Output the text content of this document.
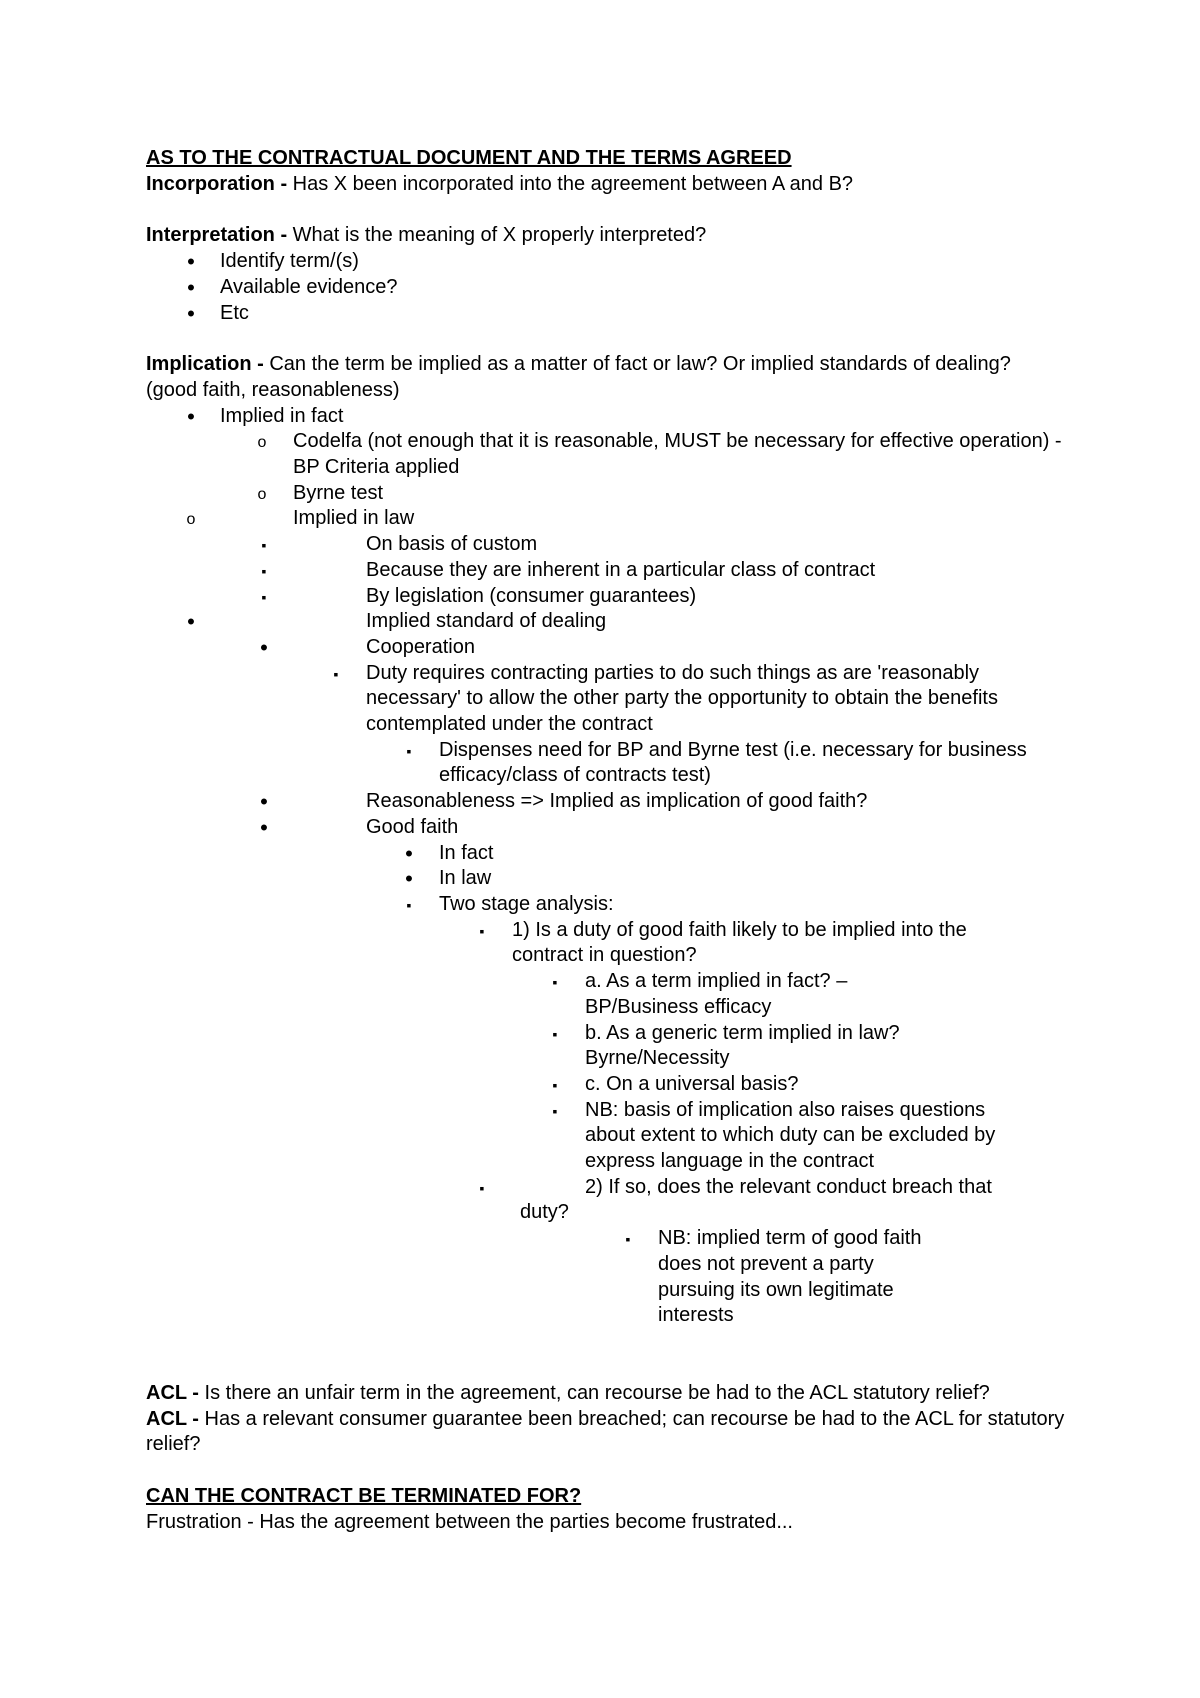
AS TO THE CONTRACTUAL DOCUMENT AND THE TERMS AGREED

Incorporation - Has X been incorporated into the agreement between A and B?

Interpretation - What is the meaning of X properly interpreted?

•
Identify term/(s)
•
Available evidence?
•
Etc

Implication - Can the term be implied as a matter of fact or law? Or implied standards of dealing? (good faith, reasonableness)

•
Implied in fact
o
Codelfa (not enough that it is reasonable, MUST be necessary for effective operation) - BP Criteria applied
o
Byrne test
o
Implied in law
▪
On basis of custom
▪
Because they are inherent in a particular class of contract
▪
By legislation (consumer guarantees)
•
Implied standard of dealing
•
Cooperation
▪
Duty requires contracting parties to do such things as are 'reasonably necessary' to allow the other party the opportunity to obtain the benefits contemplated under the contract
▪
Dispenses need for BP and Byrne test (i.e. necessary for business efficacy/class of contracts test)
•
Reasonableness => Implied as implication of good faith?
•
Good faith
•
In fact
•
In law
▪
Two stage analysis:
▪
1) Is a duty of good faith likely to be implied into the contract in question?
▪
a. As a term implied in fact? – BP/Business efficacy
▪
b. As a generic term implied in law? Byrne/Necessity
▪
c. On a universal basis?
▪
NB: basis of implication also raises questions about extent to which duty can be excluded by express language in the contract
▪
2) If so, does the relevant conduct breach that duty?
▪
NB: implied term of good faith does not prevent a party pursuing its own legitimate interests

ACL - Is there an unfair term in the agreement, can recourse be had to the ACL statutory relief?

ACL - Has a relevant consumer guarantee been breached; can recourse be had to the ACL for statutory relief?

CAN THE CONTRACT BE TERMINATED FOR?

Frustration - Has the agreement between the parties become frustrated...
